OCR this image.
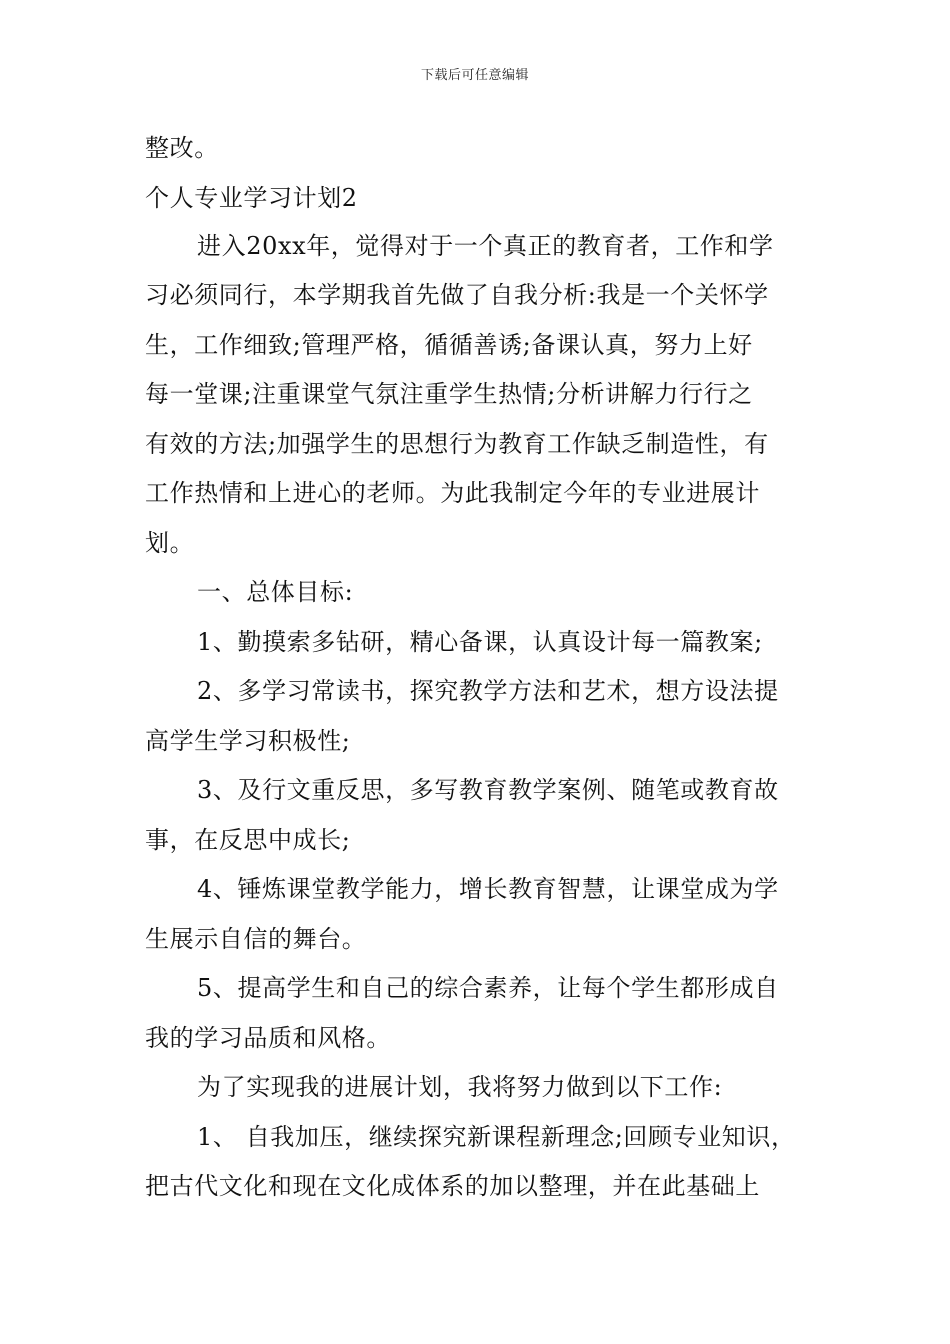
下载后可任意编辑
整改。
个人专业学习计划2
进入20xx年，觉得对于一个真正的教育者，工作和学
习必须同行，本学期我首先做了自我分析:我是一个关怀学
生，工作细致;管理严格，循循善诱;备课认真，努力上好
每一堂课;注重课堂气氛注重学生热情;分析讲解力行行之
有效的方法;加强学生的思想行为教育工作缺乏制造性，有
工作热情和上进心的老师。为此我制定今年的专业进展计
划。
一、总体目标:
1、勤摸索多钻研，精心备课，认真设计每一篇教案;
2、多学习常读书，探究教学方法和艺术，想方设法提
高学生学习积极性;
3、及行文重反思，多写教育教学案例、随笔或教育故
事，在反思中成长;
4、锤炼课堂教学能力，增长教育智慧，让课堂成为学
生展示自信的舞台。
5、提高学生和自己的综合素养，让每个学生都形成自
我的学习品质和风格。
为了实现我的进展计划，我将努力做到以下工作:
1、 自我加压，继续探究新课程新理念;回顾专业知识，
把古代文化和现在文化成体系的加以整理，并在此基础上
